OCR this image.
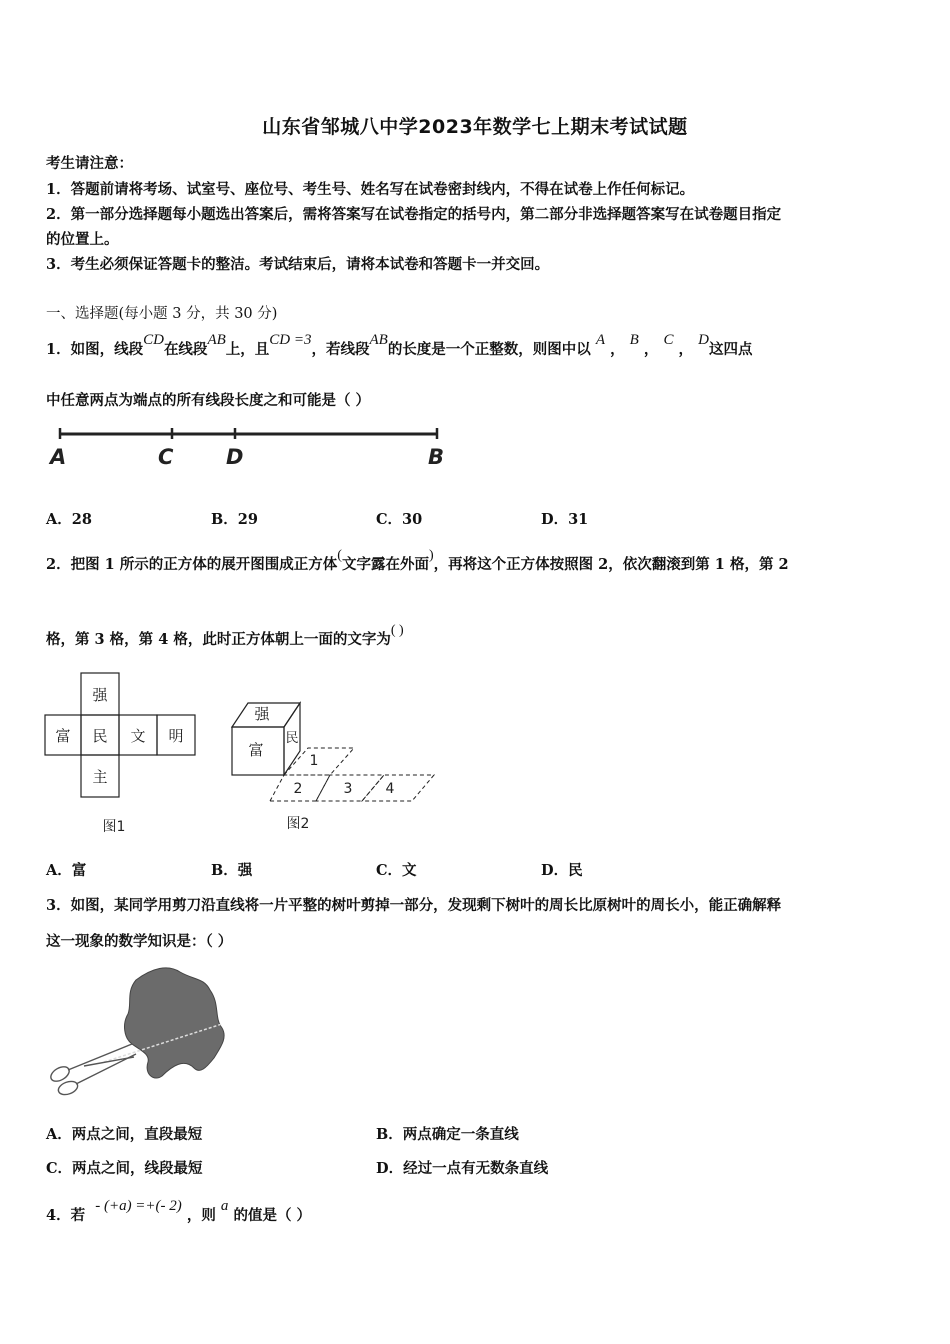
山东省邹城八中学2023年数学七上期末考试试题
考生请注意：
1．答题前请将考场、试室号、座位号、考生号、姓名写在试卷密封线内，不得在试卷上作任何标记。
2．第一部分选择题每小题选出答案后，需将答案写在试卷指定的括号内，第二部分非选择题答案写在试卷题目指定
的位置上。
3．考生必须保证答题卡的整洁。考试结束后，请将本试卷和答题卡一并交回。
一、选择题(每小题 3 分，共 30 分)
1．如图，线段CD在线段AB上，且CD =3，若线段AB的长度是一个正整数，则图中以 A ， B ， C ， D这四点
中任意两点为端点的所有线段长度之和可能是（ ）
A	C	D	B
A．28	B．29	C．30	D．31
2．把图 1 所示的正方体的展开图围成正方体(文字露在外面)，再将这个正方体按照图 2，依次翻滚到第 1 格，第 2
格，第 3 格，第 4 格，此时正方体朝上一面的文字为( )
强
富 民 文 明
主
图1
强
富
民
1
2	3 4
图2
A．富	B．强	C．文	D．民
3．如图，某同学用剪刀沿直线将一片平整的树叶剪掉一部分，发现剩下树叶的周长比原树叶的周长小，能正确解释
这一现象的数学知识是：（ ）
A．两点之间，直段最短	B．两点确定一条直线
C．两点之间，线段最短	D．经过一点有无数条直线
4．若  - (+a) =+(- 2) ，则 a 的值是（ ）
